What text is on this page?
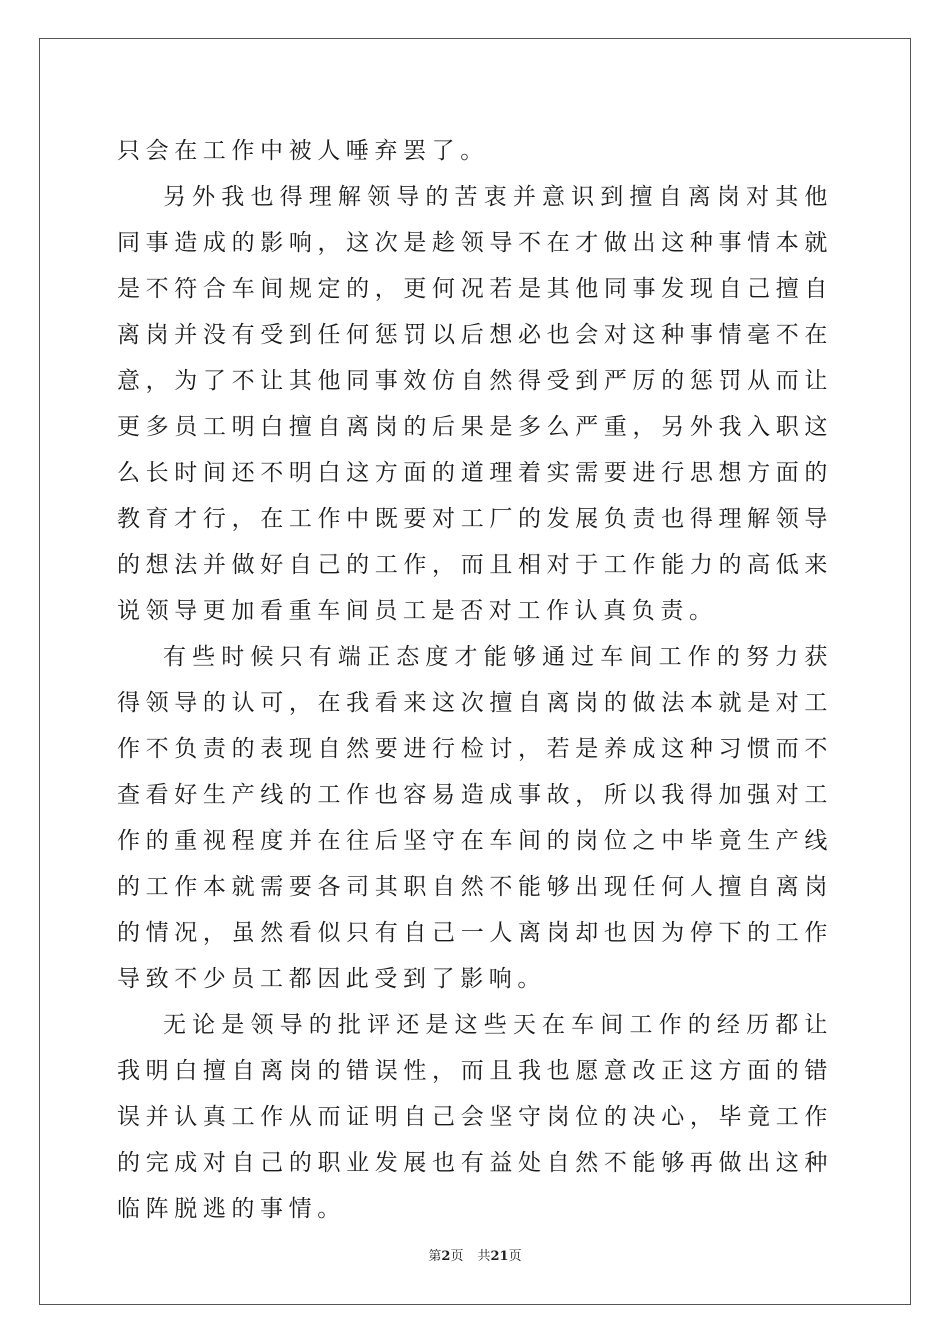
只会在工作中被人唾弃罢了。

另外我也得理解领导的苦衷并意识到擅自离岗对其他同事造成的影响，这次是趁领导不在才做出这种事情本就是不符合车间规定的，更何况若是其他同事发现自己擅自离岗并没有受到任何惩罚以后想必也会对这种事情毫不在意，为了不让其他同事效仿自然得受到严厉的惩罚从而让更多员工明白擅自离岗的后果是多么严重，另外我入职这么长时间还不明白这方面的道理着实需要进行思想方面的教育才行，在工作中既要对工厂的发展负责也得理解领导的想法并做好自己的工作，而且相对于工作能力的高低来说领导更加看重车间员工是否对工作认真负责。

有些时候只有端正态度才能够通过车间工作的努力获得领导的认可，在我看来这次擅自离岗的做法本就是对工作不负责的表现自然要进行检讨，若是养成这种习惯而不查看好生产线的工作也容易造成事故，所以我得加强对工作的重视程度并在往后坚守在车间的岗位之中毕竟生产线的工作本就需要各司其职自然不能够出现任何人擅自离岗的情况，虽然看似只有自己一人离岗却也因为停下的工作导致不少员工都因此受到了影响。

无论是领导的批评还是这些天在车间工作的经历都让我明白擅自离岗的错误性，而且我也愿意改正这方面的错误并认真工作从而证明自己会坚守岗位的决心，毕竟工作的完成对自己的职业发展也有益处自然不能够再做出这种临阵脱逃的事情。

第2页 共21页
